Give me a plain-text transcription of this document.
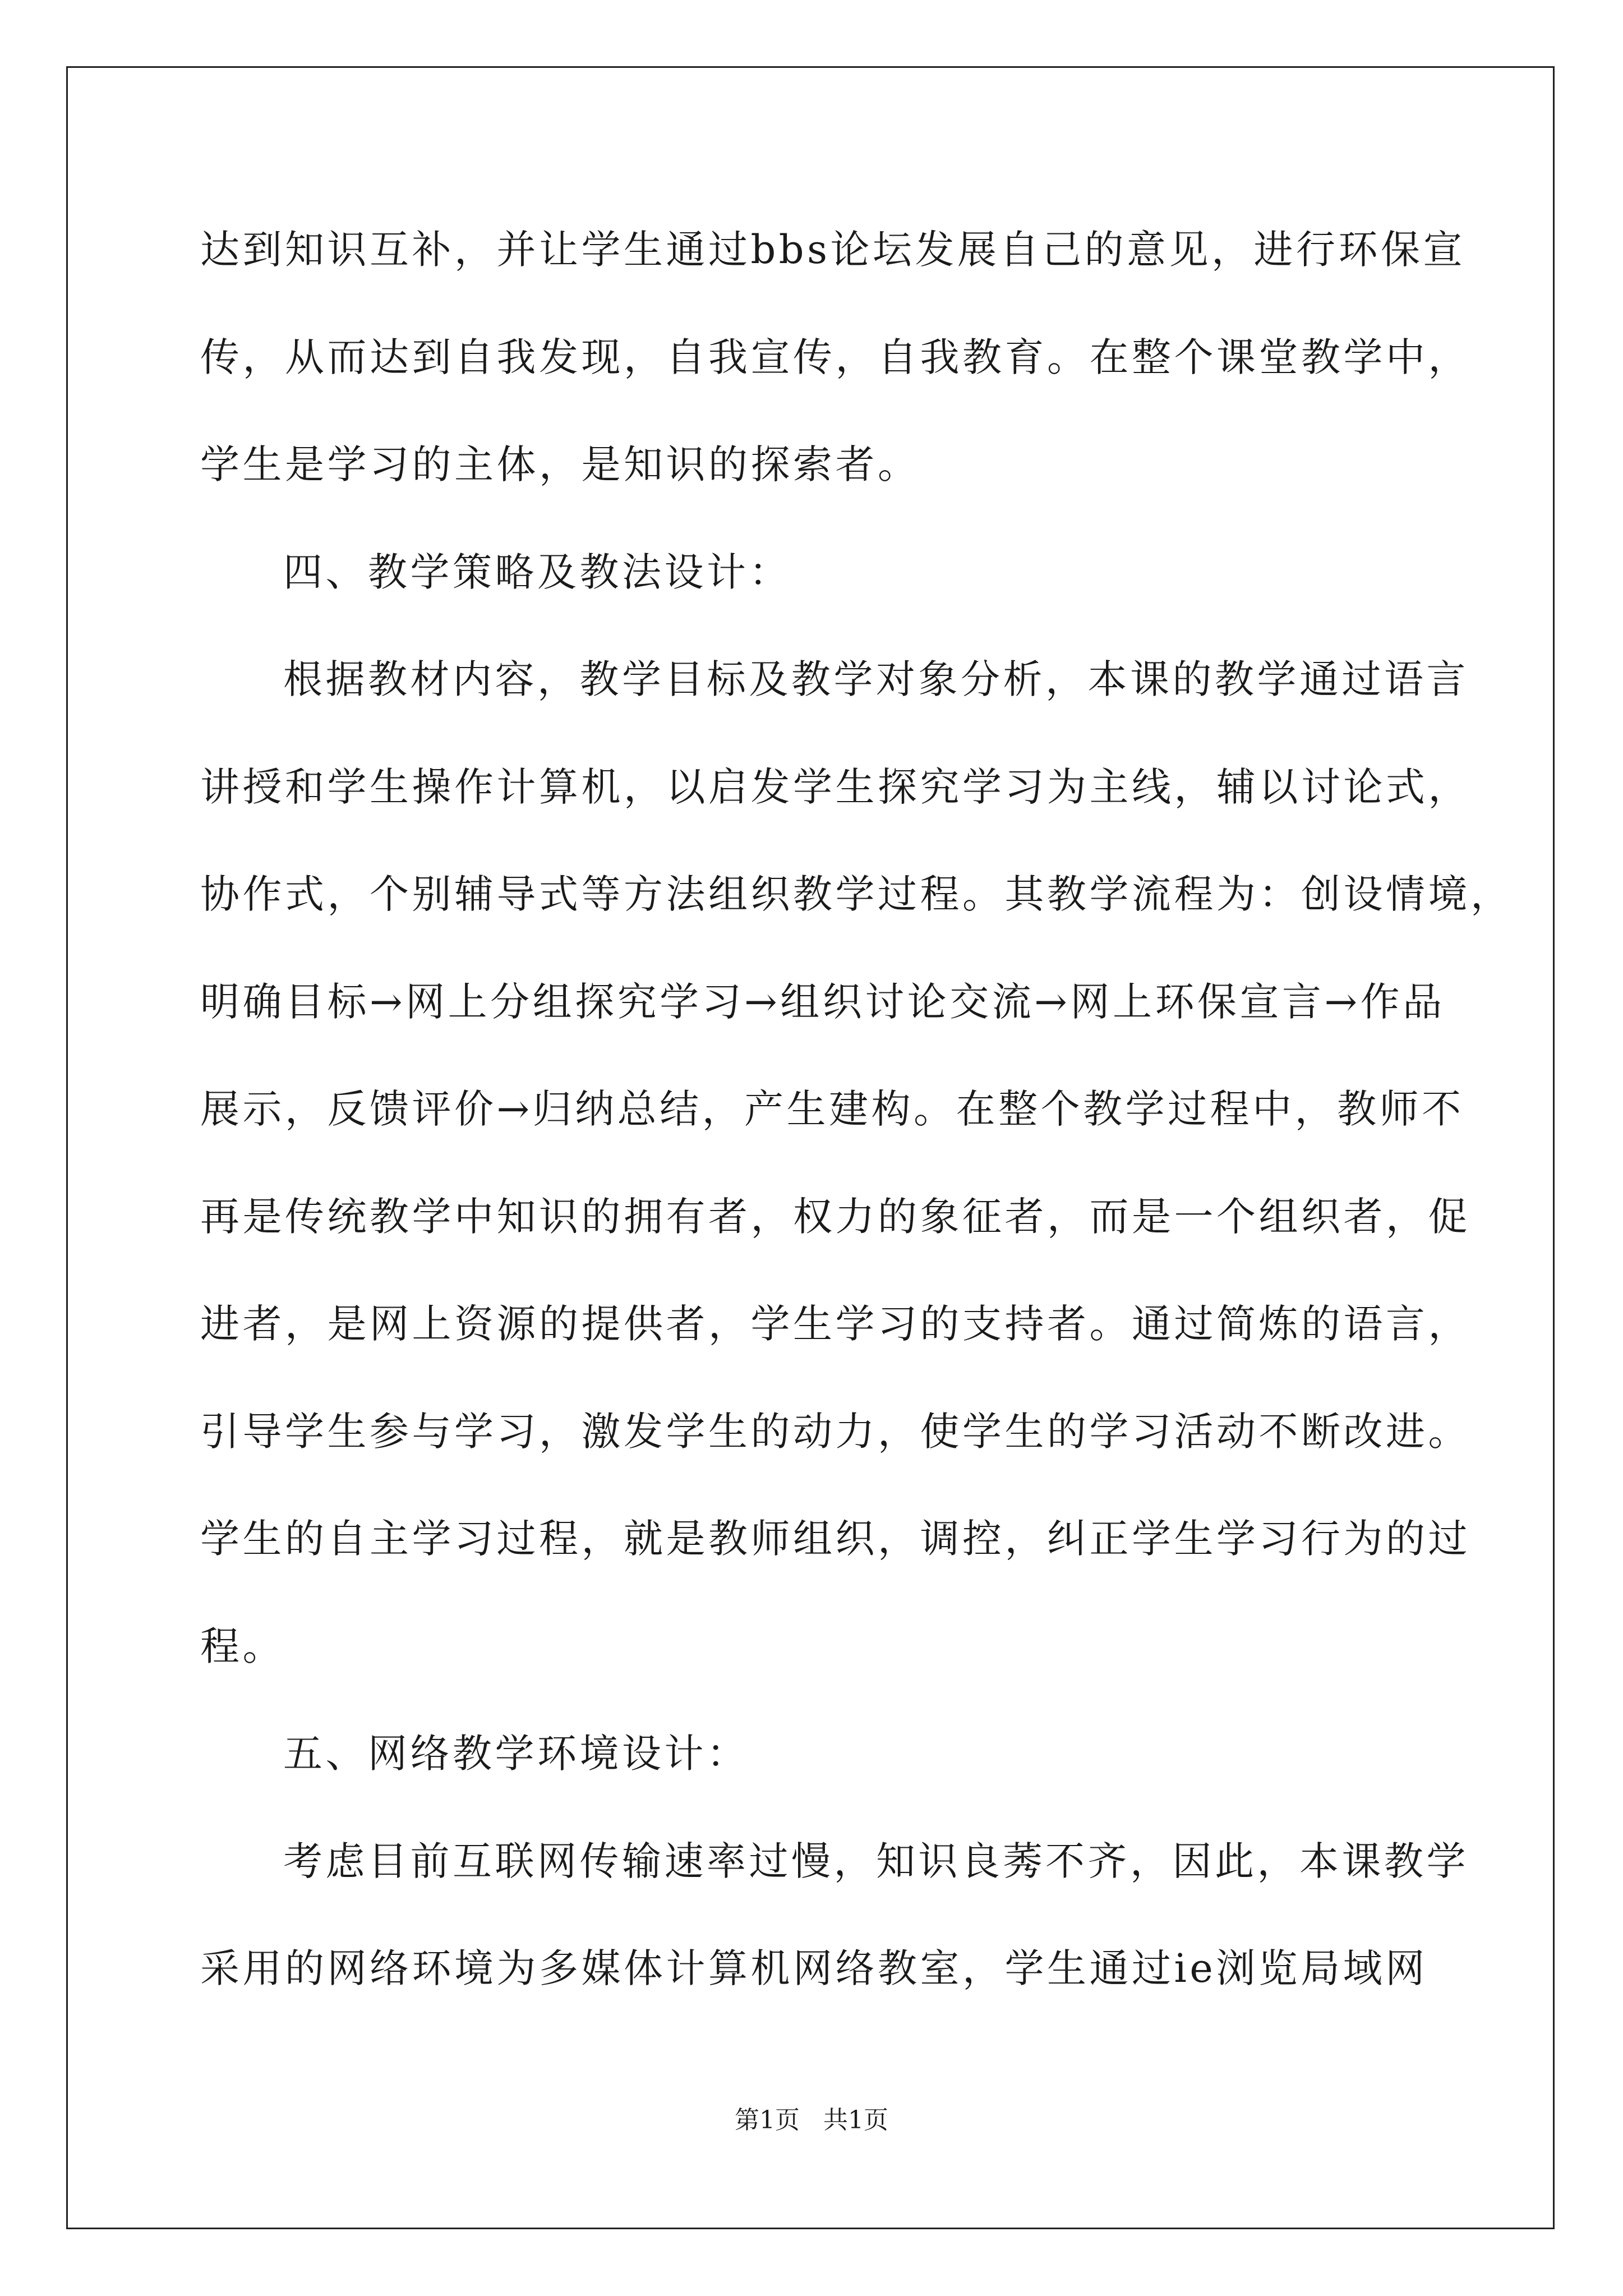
达到知识互补，并让学生通过bbs论坛发展自己的意见，进行环保宣
传，从而达到自我发现，自我宣传，自我教育。在整个课堂教学中，
学生是学习的主体，是知识的探索者。
四、教学策略及教法设计：
根据教材内容，教学目标及教学对象分析，本课的教学通过语言
讲授和学生操作计算机，以启发学生探究学习为主线，辅以讨论式，
协作式，个别辅导式等方法组织教学过程。其教学流程为：创设情境，
明确目标→网上分组探究学习→组织讨论交流→网上环保宣言→作品
展示，反馈评价→归纳总结，产生建构。在整个教学过程中，教师不
再是传统教学中知识的拥有者，权力的象征者，而是一个组织者，促
进者，是网上资源的提供者，学生学习的支持者。通过简炼的语言，
引导学生参与学习，激发学生的动力，使学生的学习活动不断改进。
学生的自主学习过程，就是教师组织，调控，纠正学生学习行为的过
程。
五、网络教学环境设计：
考虑目前互联网传输速率过慢，知识良莠不齐，因此，本课教学
采用的网络环境为多媒体计算机网络教室，学生通过ie浏览局域网
第1页   共1页
